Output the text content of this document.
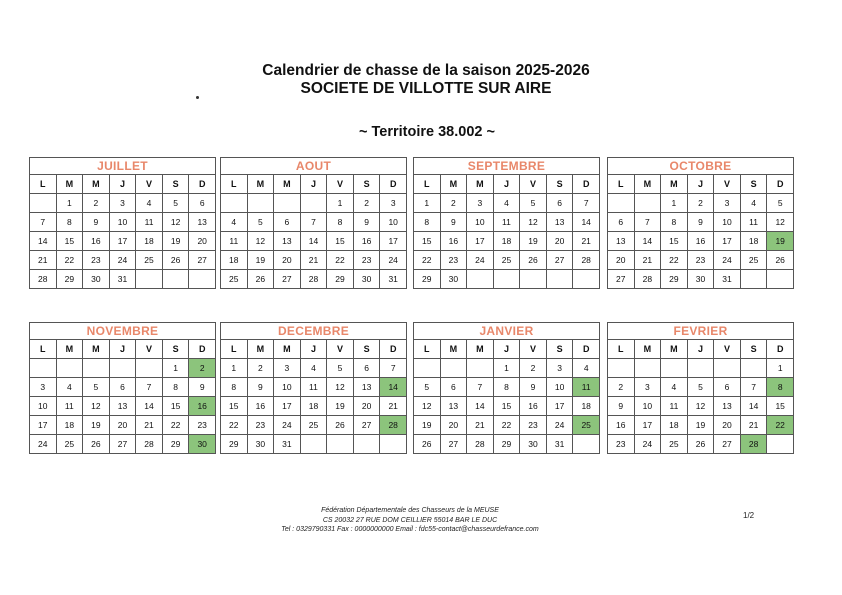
Calendrier de chasse de la saison 2025-2026
SOCIETE DE VILLOTTE SUR AIRE
~ Territoire 38.002 ~
JUILLET						
L	M	M	J	V	S	D
	1	2	3	4	5	6
7	8	9	10	11	12	13
14	15	16	17	18	19	20
21	22	23	24	25	26	27
28	29	30	31			
AOUT						
L	M	M	J	V	S	D
				1	2	3
4	5	6	7	8	9	10
11	12	13	14	15	16	17
18	19	20	21	22	23	24
25	26	27	28	29	30	31
SEPTEMBRE						
L	M	M	J	V	S	D
1	2	3	4	5	6	7
8	9	10	11	12	13	14
15	16	17	18	19	20	21
22	23	24	25	26	27	28
29	30					
OCTOBRE						
L	M	M	J	V	S	D
		1	2	3	4	5
6	7	8	9	10	11	12
13	14	15	16	17	18	19
20	21	22	23	24	25	26
27	28	29	30	31		
NOVEMBRE						
L	M	M	J	V	S	D
					1	2
3	4	5	6	7	8	9
10	11	12	13	14	15	16
17	18	19	20	21	22	23
24	25	26	27	28	29	30
DECEMBRE						
L	M	M	J	V	S	D
1	2	3	4	5	6	7
8	9	10	11	12	13	14
15	16	17	18	19	20	21
22	23	24	25	26	27	28
29	30	31				
JANVIER						
L	M	M	J	V	S	D
			1	2	3	4
5	6	7	8	9	10	11
12	13	14	15	16	17	18
19	20	21	22	23	24	25
26	27	28	29	30	31	
FEVRIER						
L	M	M	J	V	S	D
						1
2	3	4	5	6	7	8
9	10	11	12	13	14	15
16	17	18	19	20	21	22
23	24	25	26	27	28	
Fédération Départementale des Chasseurs de la MEUSE
CS 20032 27 RUE DOM CEILLIER 55014 BAR LE DUC
Tel : 0329790331 Fax : 0000000000 Email : fdc55-contact@chasseurdefrance.com
1/2
